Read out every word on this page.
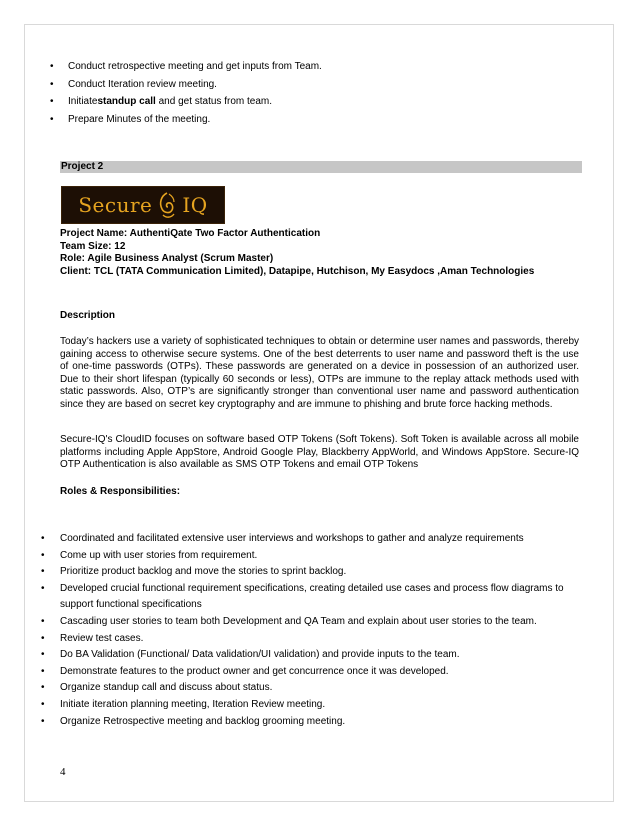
• Conduct retrospective meeting and get inputs from Team.
• Conduct Iteration review meeting.
• Initiatestandup call and get status from team.
• Prepare Minutes of the meeting.
Project 2
Secure IQ
Project Name: AuthentiQate Two Factor Authentication
Team Size: 12
Role: Agile Business Analyst (Scrum Master)
Client: TCL (TATA Communication Limited), Datapipe, Hutchison, My Easydocs ,Aman Technologies
Description

Today’s hackers use a variety of sophisticated techniques to obtain or determine user names and passwords, thereby gaining access to otherwise secure systems. One of the best deterrents to user name and password theft is the use of one-time passwords (OTPs). These passwords are generated on a device in possession of an authorized user. Due to their short lifespan (typically 60 seconds or less), OTPs are immune to the replay attack methods used with static passwords. Also, OTP’s are significantly stronger than conventional user name and password authentication since they are based on secret key cryptography and are immune to phishing and brute force hacking methods.

Secure-IQ's CloudID focuses on software based OTP Tokens (Soft Tokens). Soft Token is available across all mobile platforms including Apple AppStore, Android Google Play, Blackberry AppWorld, and Windows AppStore. Secure-IQ OTP Authentication is also available as SMS OTP Tokens and email OTP Tokens

Roles & Responsibilities:
• Coordinated and facilitated extensive user interviews and workshops to gather and analyze requirements
• Come up with user stories from requirement.
• Prioritize product backlog and move the stories to sprint backlog.
• Developed crucial functional requirement specifications, creating detailed use cases and process flow diagrams to support functional specifications
• Cascading user stories to team both Development and QA Team and explain about user stories to the team.
• Review test cases.
• Do BA Validation (Functional/ Data validation/UI validation) and provide inputs to the team.
• Demonstrate features to the product owner and get concurrence once it was developed.
• Organize standup call and discuss about status.
• Initiate iteration planning meeting, Iteration Review meeting.
• Organize Retrospective meeting and backlog grooming meeting.
4
